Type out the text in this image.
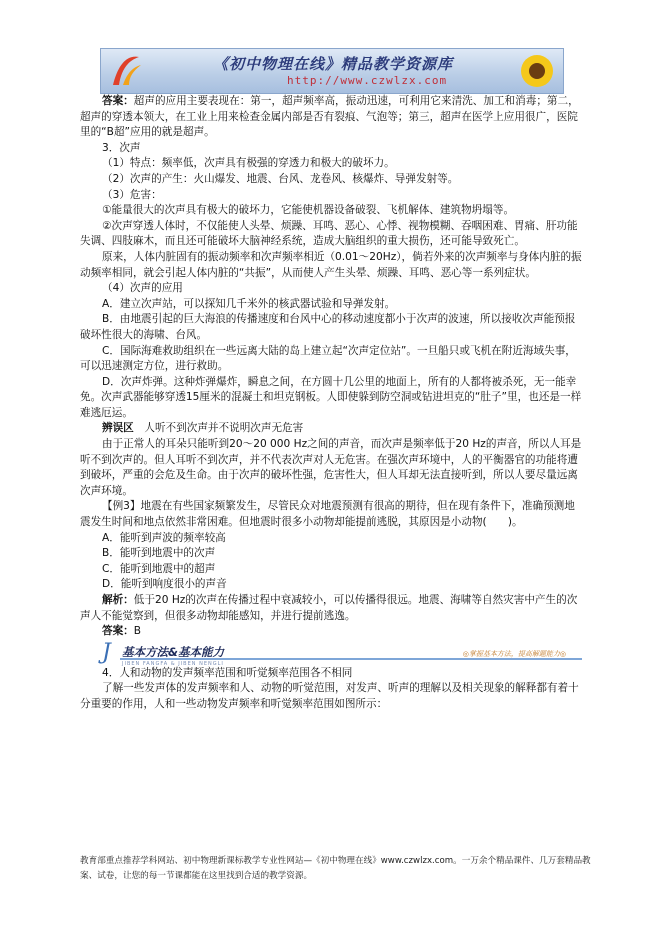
《初中物理在线》精品教学资源库
http://www.czwlzx.com

答案：超声的应用主要表现在：第一，超声频率高，振动迅速，可利用它来清洗、加工和消毒；第二，超声的穿透本领大，在工业上用来检查金属内部是否有裂痕、气泡等；第三，超声在医学上应用很广，医院里的“B超”应用的就是超声。

3．次声

（1）特点：频率低，次声具有极强的穿透力和极大的破坏力。

（2）次声的产生：火山爆发、地震、台风、龙卷风、核爆炸、导弹发射等。

（3）危害：

①能量很大的次声具有极大的破坏力，它能使机器设备破裂、飞机解体、建筑物坍塌等。

②次声穿透人体时，不仅能使人头晕、烦躁、耳鸣、恶心、心悸、视物模糊、吞咽困难、胃痛、肝功能失调、四肢麻木，而且还可能破坏大脑神经系统，造成大脑组织的重大损伤，还可能导致死亡。

原来，人体内脏固有的振动频率和次声频率相近（0.01～20Hz），倘若外来的次声频率与身体内脏的振动频率相同，就会引起人体内脏的“共振”，从而使人产生头晕、烦躁、耳鸣、恶心等一系列症状。

（4）次声的应用

A．建立次声站，可以探知几千米外的核武器试验和导弹发射。

B．由地震引起的巨大海浪的传播速度和台风中心的移动速度都小于次声的波速，所以接收次声能预报破坏性很大的海啸、台风。

C．国际海难救助组织在一些远离大陆的岛上建立起“次声定位站”。一旦船只或飞机在附近海域失事，可以迅速测定方位，进行救助。

D．次声炸弹。这种炸弹爆炸，瞬息之间，在方圆十几公里的地面上，所有的人都将被杀死，无一能幸免。次声武器能够穿透15厘米的混凝土和坦克钢板。人即使躲到防空洞或钻进坦克的“肚子”里，也还是一样难逃厄运。

辨误区　 人听不到次声并不说明次声无危害

由于正常人的耳朵只能听到20～20 000 Hz之间的声音，而次声是频率低于20 Hz的声音，所以人耳是听不到次声的。但人耳听不到次声，并不代表次声对人无危害。在强次声环境中，人的平衡器官的功能将遭到破坏，严重的会危及生命。由于次声的破坏性强，危害性大，但人耳却无法直接听到，所以人要尽量远离次声环境。

【例3】地震在有些国家频繁发生，尽管民众对地震预测有很高的期待，但在现有条件下，准确预测地震发生时间和地点依然非常困难。但地震时很多小动物却能提前逃脱，其原因是小动物(　　)。

A．能听到声波的频率较高

B．能听到地震中的次声

C．能听到地震中的超声

D．能听到响度很小的声音

解析：低于20 Hz的次声在传播过程中衰减较小，可以传播得很远。地震、海啸等自然灾害中产生的次声人不能觉察到，但很多动物却能感知，并进行提前逃逸。

答案：B

J 基本方法&基本能力
JIBEN FANGFA & JIBEN NENGLI
◎掌握基本方法，提高解题能力◎

4．人和动物的发声频率范围和听觉频率范围各不相同

了解一些发声体的发声频率和人、动物的听觉范围，对发声、听声的理解以及相关现象的解释都有着十分重要的作用，人和一些动物发声频率和听觉频率范围如图所示：

教育部重点推荐学科网站、初中物理新课标教学专业性网站—《初中物理在线》www.czwlzx.com。一万余个精品课件、几万套精品教案、试卷，让您的每一节课都能在这里找到合适的教学资源。
